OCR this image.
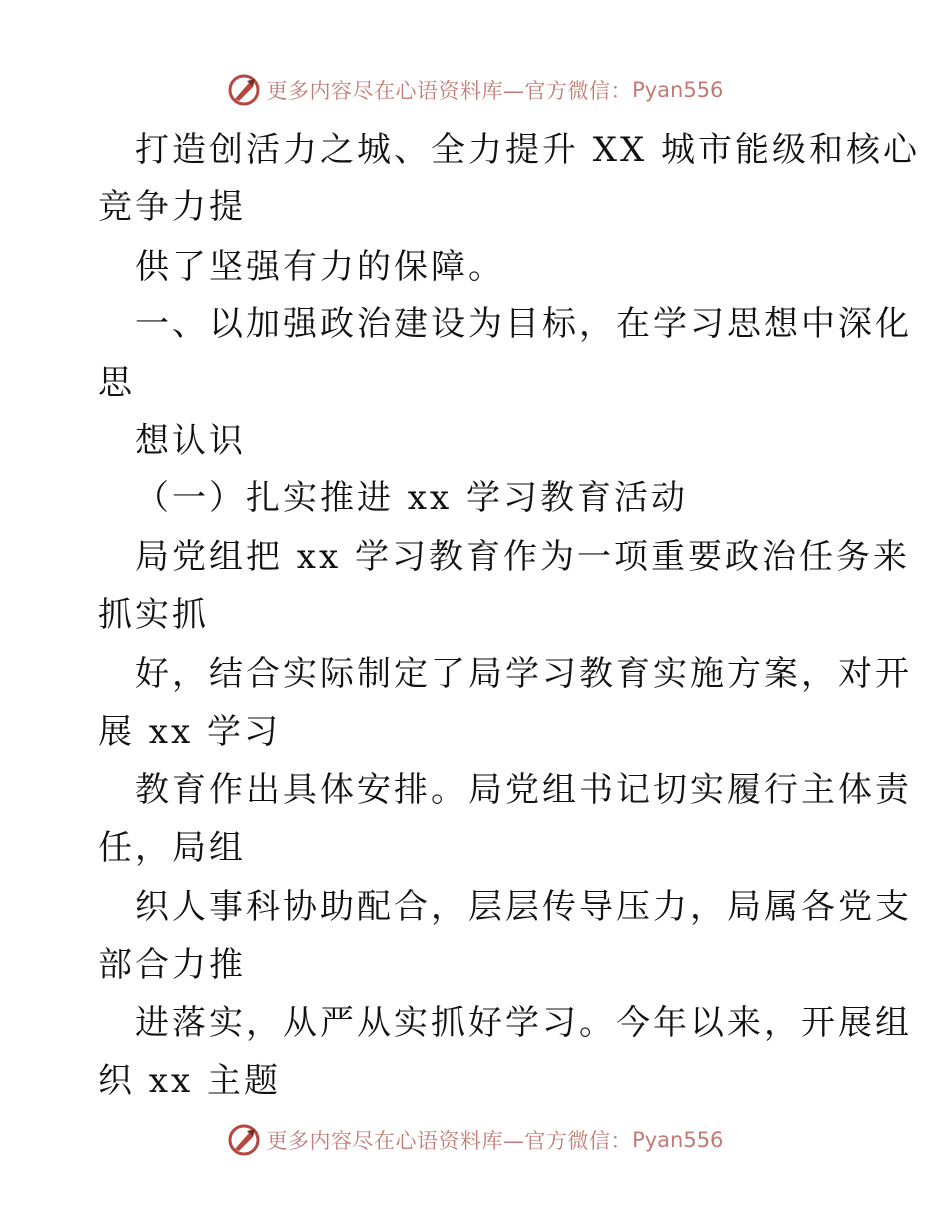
更多内容尽在心语资料库—官方微信： Pyan556
打造创活力之城、全力提升 XX 城市能级和核心
竞争力提
供了坚强有力的保障。
一、以加强政治建设为目标，在学习思想中深化
思
想认识
（一）扎实推进 xx 学习教育活动
局党组把 xx 学习教育作为一项重要政治任务来
抓实抓
好，结合实际制定了局学习教育实施方案，对开
展 xx 学习
教育作出具体安排。局党组书记切实履行主体责
任，局组
织人事科协助配合，层层传导压力，局属各党支
部合力推
进落实，从严从实抓好学习。今年以来，开展组
织 xx 主题
更多内容尽在心语资料库—官方微信： Pyan556
